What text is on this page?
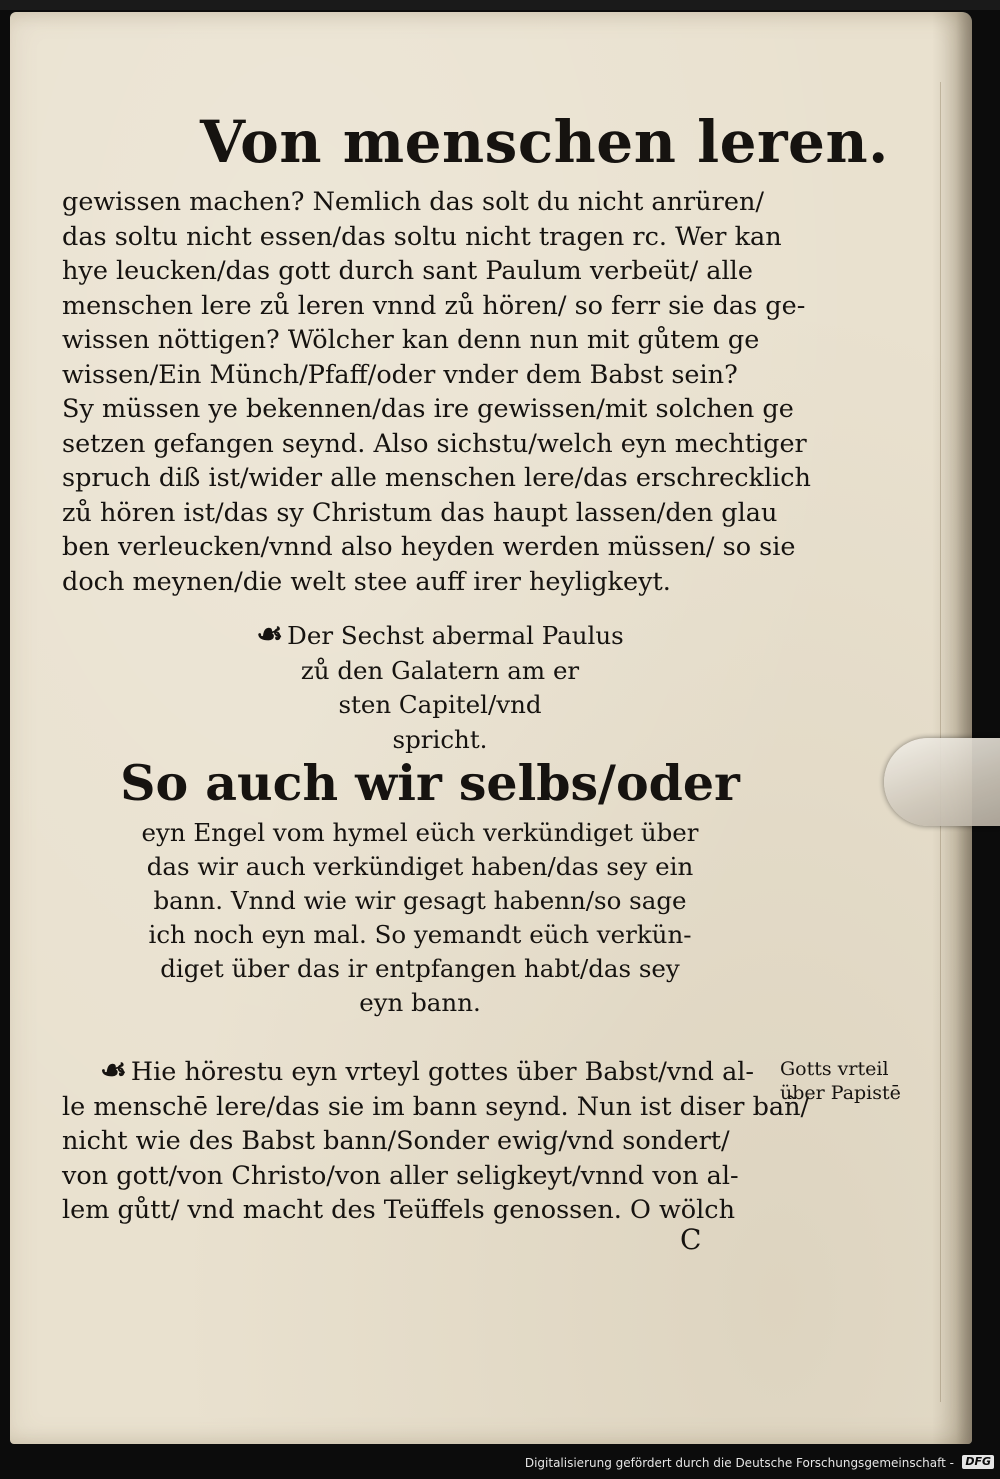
Von menschen leren.
gewissen machen? Nemlich das solt du nicht anrüren/
das soltu nicht essen/das soltu nicht tragen rc. Wer kan
hye leucken/das gott durch sant Paulum verbeüt/ alle
menschen lere zů leren vnnd zů hören/ so ferr sie das ge-
wissen nöttigen? Wölcher kan denn nun mit gůtem ge
wissen/Ein Münch/Pfaff/oder vnder dem Babst sein?
Sy müssen ye bekennen/das ire gewissen/mit solchen ge
setzen gefangen seynd. Also sichstu/welch eyn mechtiger
spruch diß ist/wider alle menschen lere/das erschrecklich
zů hören ist/das sy Christum das haupt lassen/den glau
ben verleucken/vnnd also heyden werden müssen/ so sie
doch meynen/die welt stee auff irer heyligkeyt.
☙ Der Sechst abermal Paulus
zů den Galatern am er
sten Capitel/vnd
spricht.
So auch wir selbs/oder
eyn Engel vom hymel eüch verkündiget über
das wir auch verkündiget haben/das sey ein
bann. Vnnd wie wir gesagt habenn/so sage
ich noch eyn mal. So yemandt eüch verkün-
diget über das ir entpfangen habt/das sey
eyn bann.
☙ Hie hörestu eyn vrteyl gottes über Babst/vnd al-
le menschē lere/das sie im bann seynd. Nun ist diser bañ/
nicht wie des Babst bann/Sonder ewig/vnd sondert/
von gott/von Christo/von aller seligkeyt/vnnd von al-
lem gůtt/ vnd macht des Teüffels genossen. O wölch
Gotts vrteil
über Papistē
C
Digitalisierung gefördert durch die Deutsche Forschungsgemeinschaft - DFG
